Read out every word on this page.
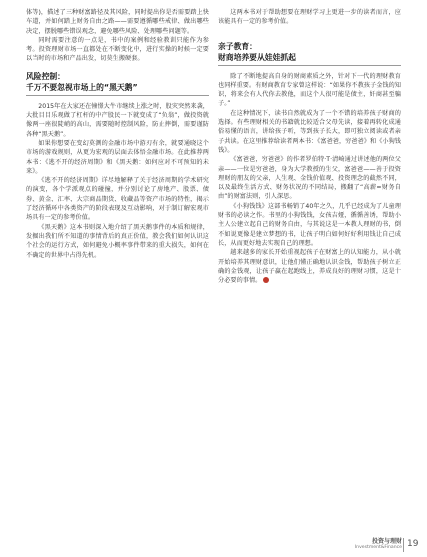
体等)，描述了三种财富路径及其风险，同时提出你是否需要踏上快车道，并如何踏上财务自由之路——需要遵循哪些戒律、做出哪些决定，摆脱哪些错误观念，避免哪些风险、处理哪些问题等。

同时需要注意的一点是，书中的案例和经验教训只能作为参考。投资理财市场一直都处在不断变化中，进行实操的时候一定要以当时的市场和产品出发，切莫生搬硬套。

风险控制：
千万不要忽视市场上的“黑天鹅”

2015年在大家还在憧憬大牛市继续上涨之时，股灾突然来袭，大批目目乐观做了杠杆的中产股民一下就变成了“负翁”，做投资就像两一座很陡峭的高山，需要随时控制风险，防止摔倒，需要谨防各种“黑天鹅”。

如果你想要在变幻莫测的金融市场中游刃有余，就要通晓这个市场的游戏规则，从更为宏观的层面去体悟金融市场。在此推荐两本书：《逃不开的经济周期》和《黑天鹅：如何应对不可预知的未来》。

《逃不开的经济周期》详尽地解释了关于经济周期的学术研究的演变，各个学派观点的碰撞，并分别讨论了房地产、股票、债券、黄金、汇率、大宗商品期货、收藏品等资产市场的特性，揭示了经济循环中各类资产的阶段表现及互动影响，对于制订解宏观市场具有一定的参考价值。

《黑天鹅》这本书则深入地介绍了黑天鹅事件的本质和规律，发掘出我们所不知道的事情背后的真正价值，教会我们如何认识这个社会的运行方式，如何避免小概率事件带来的重大损失，如何在不确定的世界中占得先机。

这两本书对于帮助想要在理财学习上更进一步的读者而言，应该能具有一定的参考价值。

亲子教育：
财商培养要从娃娃抓起

除了不断地提高自身的财商素质之外，针对下一代的理财教育也同样重要。有财商教育专家曾这样说：“如果你不教孩子金钱的知识，将来会有人代你去教他，而这个人很可能是债主，奸商甚至骗子。”

在这种情况下，读书自然就成为了一个不错的培养孩子财商的选择。有些理财相关的书籍就比较适合父母先读，接着再转化成通俗易懂的语言，讲给孩子听，等到孩子长大，即可独立阅读或者亲子共读。在这里推荐给读者两本书：《富爸爸，穷爸爸》和《小狗钱钱》。

《富爸爸，穷爸爸》的作者罗伯特·T·清崎通过讲述他的两位父亲——一位是穷爸爸，身为大学教授的生父，富爸爸——善于投资理财的朋友的父亲，人生观、金钱价值观、投资理念的截然不同，以及最终生活方式、财务状况的不同结局，搬翻了“高薪=财务自由”的财富法则，引人深思。

《小狗钱钱》这部书畅销了40年之久，几乎已经成为了儿童理财书的必读之作。书里的小狗钱钱，女孩吉娅，循循善诱，帮助小主人公建立起自己的财务自由，与其说这是一本教人理财的书，倒不如说更像是建立梦想的书，让孩子明白如何好好利用钱让自己成长，从而更好地去实现自己的理想。

越来越多的家长开始重视起孩子在财富上的认知能力，从小就开始培养其理财意识，让他们懂正确地认识金钱，帮助孩子树立正确的金钱观，让孩子赢在起跑线上，养成良好的理财习惯，这是十分必要的事情。

投资与理财
Investment&Finance 19
